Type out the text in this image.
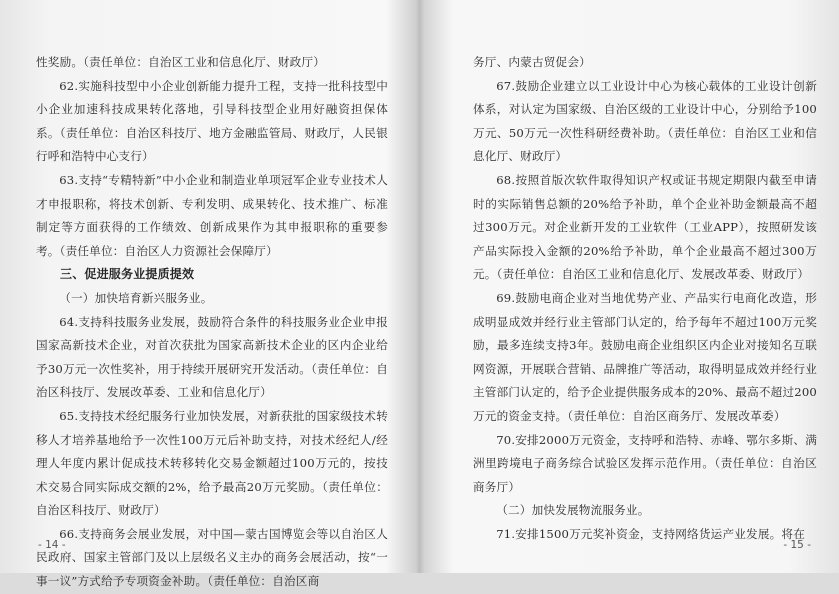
性奖励。（责任单位：自治区工业和信息化厅、财政厅）

62.实施科技型中小企业创新能力提升工程，支持一批科技型中小企业加速科技成果转化落地，引导科技型企业用好融资担保体系。（责任单位：自治区科技厅、地方金融监管局、财政厅，人民银行呼和浩特中心支行）

63.支持“专精特新”中小企业和制造业单项冠军企业专业技术人才申报职称，将技术创新、专利发明、成果转化、技术推广、标准制定等方面获得的工作绩效、创新成果作为其申报职称的重要参考。（责任单位：自治区人力资源社会保障厅）

三、促进服务业提质提效

（一）加快培育新兴服务业。

64.支持科技服务业发展，鼓励符合条件的科技服务业企业申报国家高新技术企业，对首次获批为国家高新技术企业的区内企业给予30万元一次性奖补，用于持续开展研究开发活动。（责任单位：自治区科技厅、发展改革委、工业和信息化厅）

65.支持技术经纪服务行业加快发展，对新获批的国家级技术转移人才培养基地给予一次性100万元后补助支持，对技术经纪人/经理人年度内累计促成技术转移转化交易金额超过100万元的，按技术交易合同实际成交额的2%，给予最高20万元奖励。（责任单位：自治区科技厅、财政厅）

66.支持商务会展业发展，对中国—蒙古国博览会等以自治区人民政府、国家主管部门及以上层级名义主办的商务会展活动，按“一事一议”方式给予专项资金补助。（责任单位：自治区商

- 14 -

务厅、内蒙古贸促会）

67.鼓励企业建立以工业设计中心为核心载体的工业设计创新体系，对认定为国家级、自治区级的工业设计中心，分别给予100万元、50万元一次性科研经费补助。（责任单位：自治区工业和信息化厅、财政厅）

68.按照首版次软件取得知识产权或证书规定期限内截至申请时的实际销售总额的20%给予补助，单个企业补助金额最高不超过300万元。对企业新开发的工业软件（工业APP），按照研发该产品实际投入金额的20%给予补助，单个企业最高不超过300万元。（责任单位：自治区工业和信息化厅、发展改革委、财政厅）

69.鼓励电商企业对当地优势产业、产品实行电商化改造，形成明显成效并经行业主管部门认定的，给予每年不超过100万元奖励，最多连续支持3年。鼓励电商企业组织区内企业对接知名互联网资源，开展联合营销、品牌推广等活动，取得明显成效并经行业主管部门认定的，给予企业提供服务成本的20%、最高不超过200万元的资金支持。（责任单位：自治区商务厅、发展改革委）

70.安排2000万元资金，支持呼和浩特、赤峰、鄂尔多斯、满洲里跨境电子商务综合试验区发挥示范作用。（责任单位：自治区商务厅）

（二）加快发展物流服务业。

71.安排1500万元奖补资金，支持网络货运产业发展。将在

- 15 -
